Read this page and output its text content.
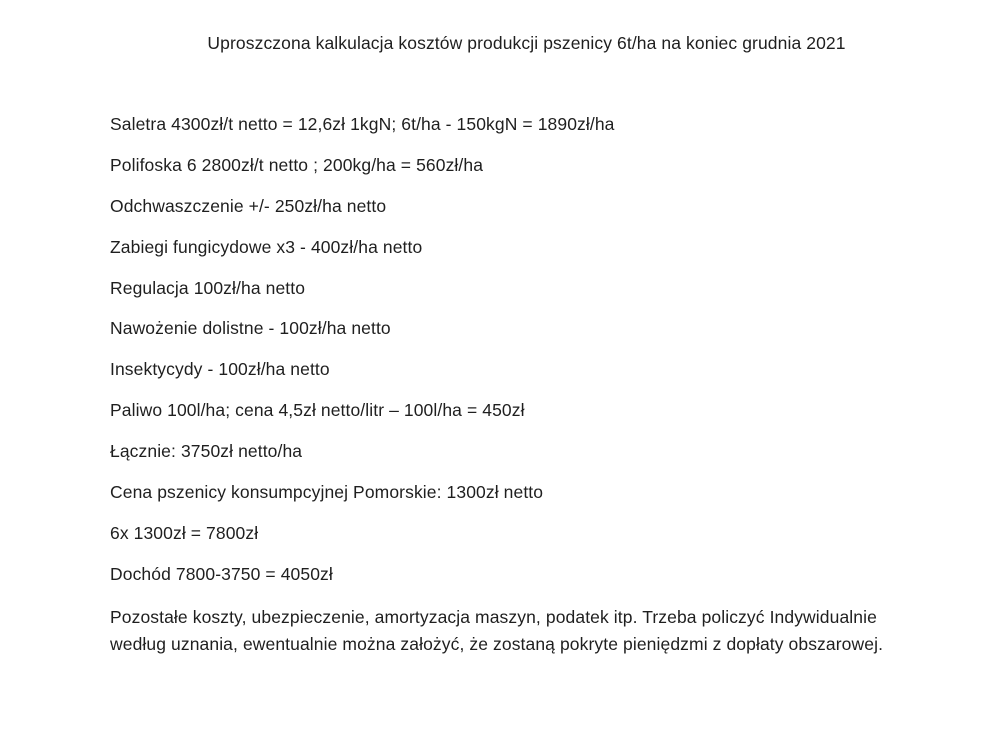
Uproszczona kalkulacja kosztów produkcji pszenicy 6t/ha na koniec grudnia 2021

Saletra 4300zł/t netto = 12,6zł 1kgN; 6t/ha - 150kgN = 1890zł/ha

Polifoska 6 2800zł/t netto ; 200kg/ha = 560zł/ha

Odchwaszczenie +/- 250zł/ha netto

Zabiegi fungicydowe x3 - 400zł/ha netto

Regulacja 100zł/ha netto

Nawożenie dolistne - 100zł/ha netto

Insektycydy - 100zł/ha netto

Paliwo 100l/ha; cena 4,5zł netto/litr – 100l/ha = 450zł

Łącznie: 3750zł netto/ha

Cena pszenicy konsumpcyjnej Pomorskie: 1300zł netto

6x 1300zł = 7800zł

Dochód 7800-3750 = 4050zł

Pozostałe koszty, ubezpieczenie, amortyzacja maszyn, podatek itp. Trzeba policzyć Indywidualnie według uznania, ewentualnie można założyć, że zostaną pokryte pieniędzmi z dopłaty obszarowej.
